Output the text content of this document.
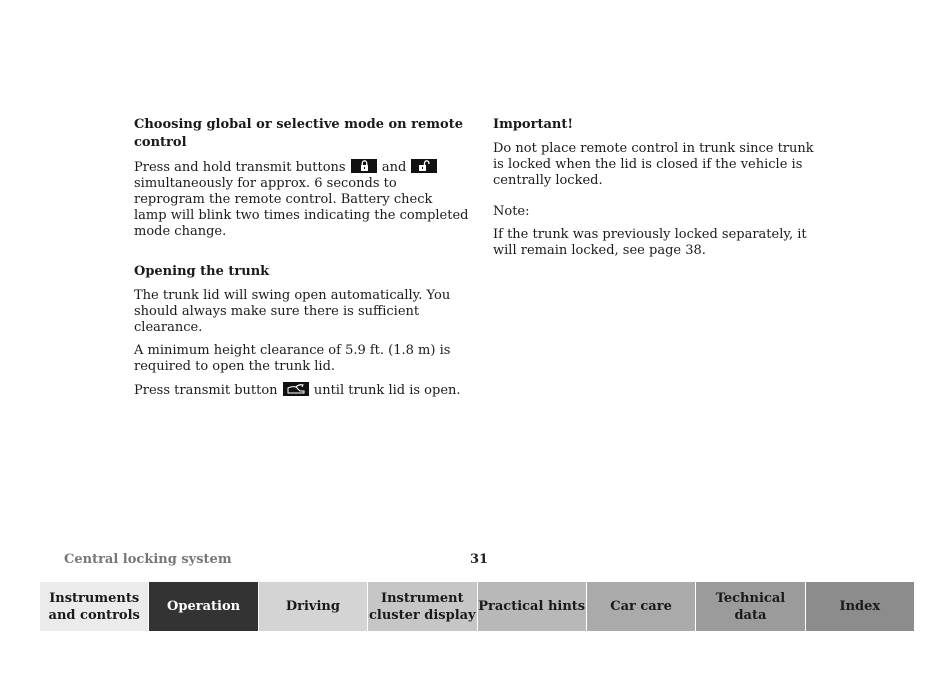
Choosing global or selective mode on remote control

Press and hold transmit buttons	and
simultaneously for approx. 6 seconds to reprogram the remote control. Battery check lamp will blink two times indicating the completed mode change.

Opening the trunk

The trunk lid will swing open automatically. You should always make sure there is sufficient clearance.

A minimum height clearance of 5.9 ft. (1.8 m) is required to open the trunk lid.

Press transmit button	until trunk lid is open.

Important!

Do not place remote control in trunk since trunk is locked when the lid is closed if the vehicle is centrally locked.

Note:

If the trunk was previously locked separately, it will remain locked, see page 38.

Central locking system	31
Instruments
and controls
Operation	Driving
Instrument
cluster display
Practical hints	Car care
Technical
data
Index
